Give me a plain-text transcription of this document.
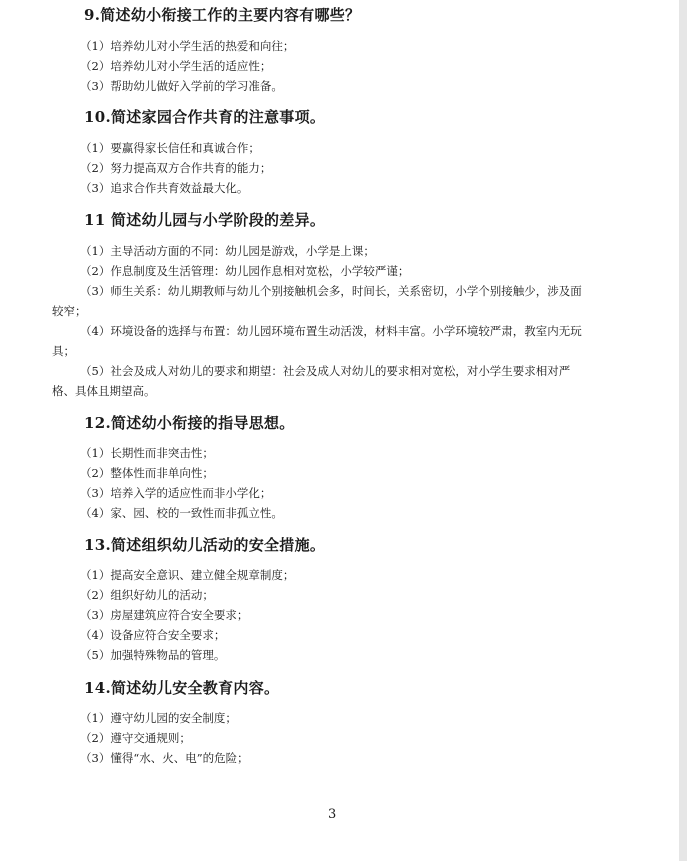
9.简述幼小衔接工作的主要内容有哪些？
（1）培养幼儿对小学生活的热爱和向往；
（2）培养幼儿对小学生活的适应性；
（3）帮助幼儿做好入学前的学习准备。
10.简述家园合作共育的注意事项。
（1）要赢得家长信任和真诚合作；
（2）努力提高双方合作共育的能力；
（3）追求合作共育效益最大化。
11 简述幼儿园与小学阶段的差异。
（1）主导活动方面的不同：幼儿园是游戏，小学是上课；
（2）作息制度及生活管理：幼儿园作息相对宽松，小学较严谨；
（3）师生关系：幼儿期教师与幼儿个别接触机会多，时间长，关系密切，小学个别接触少，涉及面
较窄；
（4）环境设备的选择与布置：幼儿园环境布置生动活泼，材料丰富。小学环境较严肃，教室内无玩
具；
（5）社会及成人对幼儿的要求和期望：社会及成人对幼儿的要求相对宽松，对小学生要求相对严
格、具体且期望高。
12.简述幼小衔接的指导思想。
（1）长期性而非突击性；
（2）整体性而非单向性；
（3）培养入学的适应性而非小学化；
（4）家、园、校的一致性而非孤立性。
13.简述组织幼儿活动的安全措施。
（1）提高安全意识、建立健全规章制度；
（2）组织好幼儿的活动；
（3）房屋建筑应符合安全要求；
（4）设备应符合安全要求；
（5）加强特殊物品的管理。
14.简述幼儿安全教育内容。
（1）遵守幼儿园的安全制度；
（2）遵守交通规则；
（3）懂得“水、火、电”的危险；
3
